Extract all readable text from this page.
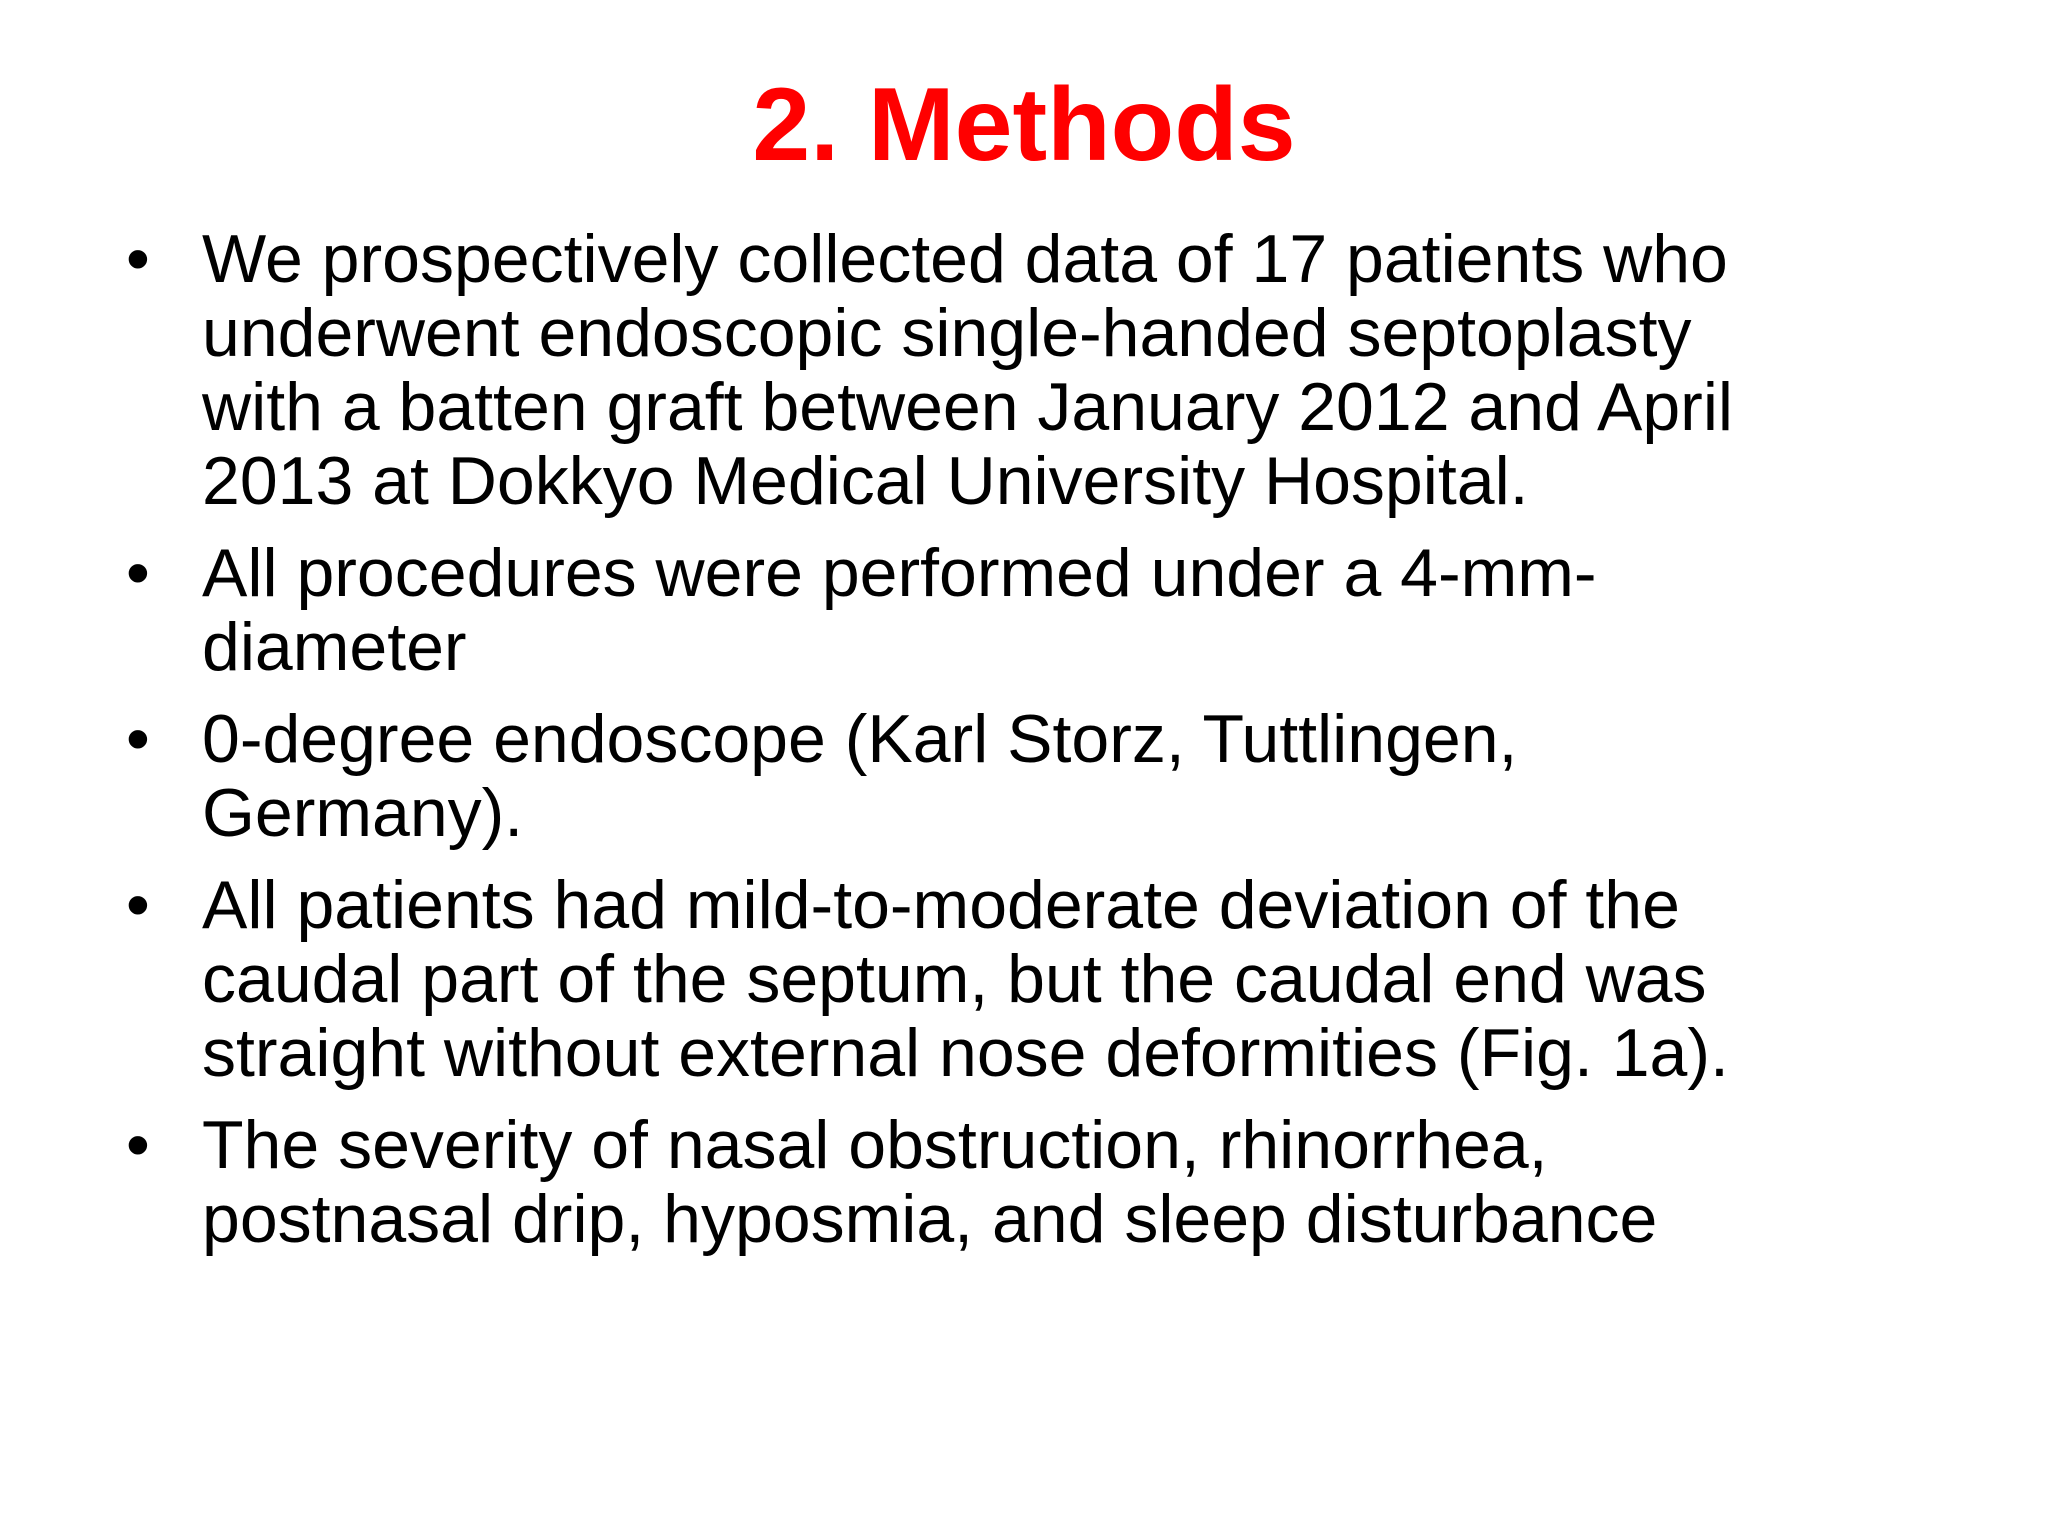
2. Methods
• We prospectively collected data of 17 patients who
underwent endoscopic single-handed septoplasty
with a batten graft between January 2012 and April
2013 at Dokkyo Medical University Hospital.
• All procedures were performed under a 4-mm-
diameter
• 0-degree endoscope (Karl Storz, Tuttlingen,
Germany).
• All patients had mild-to-moderate deviation of the
caudal part of the septum, but the caudal end was
straight without external nose deformities (Fig. 1a).
• The severity of nasal obstruction, rhinorrhea,
postnasal drip, hyposmia, and sleep disturbance
